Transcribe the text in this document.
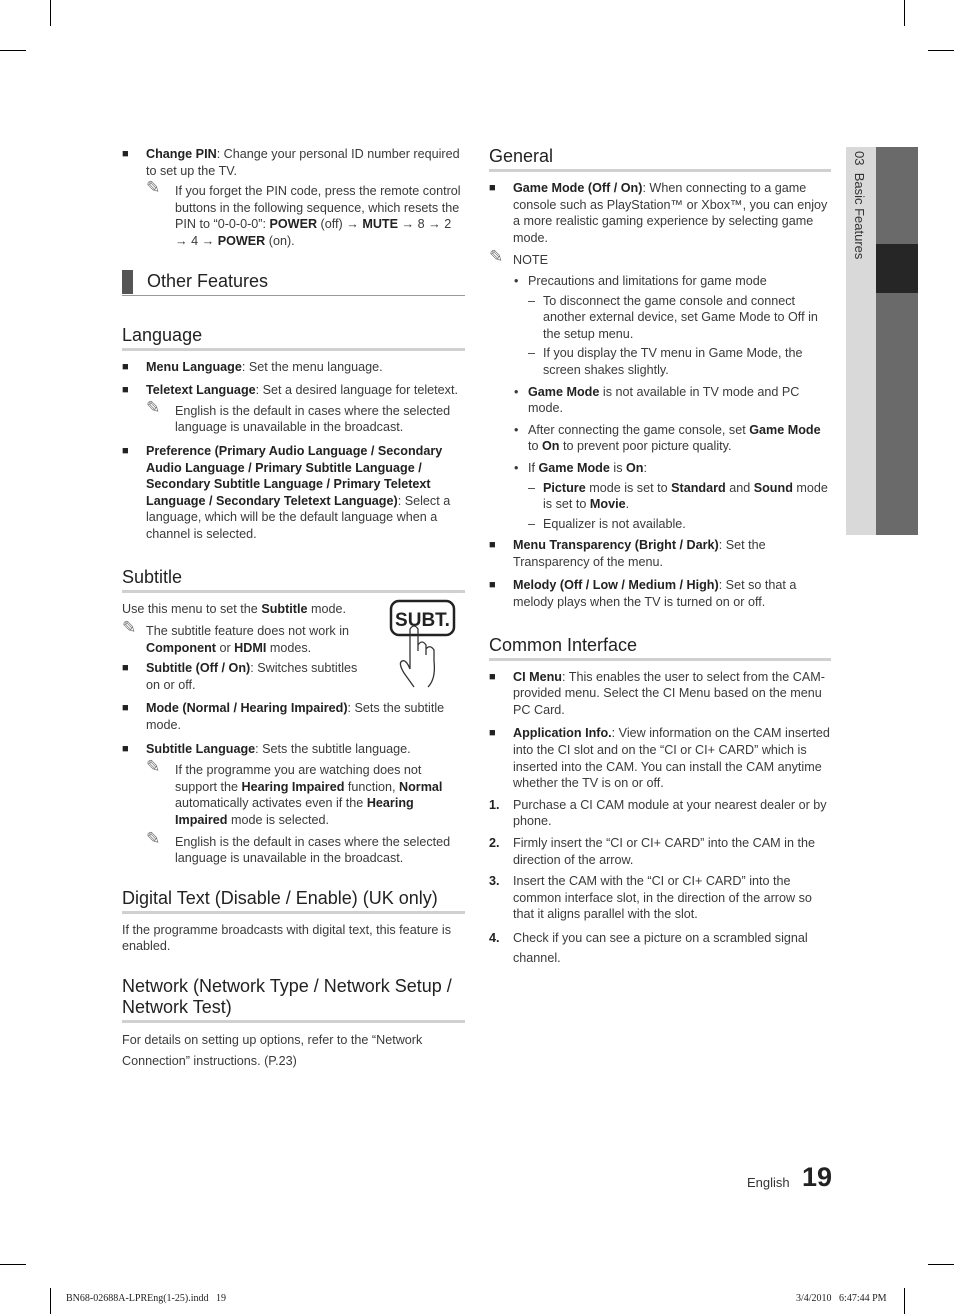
03  Basic Features
■ Change PIN: Change your personal ID number required to set up the TV.
✎ If you forget the PIN code, press the remote control buttons in the following sequence, which resets the PIN to “0-0-0-0”: POWER (off) → MUTE → 8 → 2 → 4 → POWER (on).
Other Features
Language
■ Menu Language: Set the menu language.
■ Teletext Language: Set a desired language for teletext.
✎ English is the default in cases where the selected language is unavailable in the broadcast.
■ Preference (Primary Audio Language / Secondary Audio Language / Primary Subtitle Language / Secondary Subtitle Language / Primary Teletext Language / Secondary Teletext Language): Select a language, which will be the default language when a channel is selected.
Subtitle
SUBT.
Use this menu to set the Subtitle mode.
✎ The subtitle feature does not work in Component or HDMI modes.
■ Subtitle (Off / On): Switches subtitles on or off.
■ Mode (Normal / Hearing Impaired): Sets the subtitle mode.
■ Subtitle Language: Sets the subtitle language.
✎ If the programme you are watching does not support the Hearing Impaired function, Normal automatically activates even if the Hearing Impaired mode is selected.
✎ English is the default in cases where the selected language is unavailable in the broadcast.
Digital Text (Disable / Enable) (UK only)
If the programme broadcasts with digital text, this feature is enabled.
Network (Network Type / Network Setup / Network Test)
For details on setting up options, refer to the “Network Connection” instructions. (P.23)
General
■ Game Mode (Off / On): When connecting to a game console such as PlayStation™ or Xbox™, you can enjoy a more realistic gaming experience by selecting game mode.
✎ NOTE
• Precautions and limitations for game mode
– To disconnect the game console and connect another external device, set Game Mode to Off in the setup menu.
– If you display the TV menu in Game Mode, the screen shakes slightly.
• Game Mode is not available in TV mode and PC mode.
• After connecting the game console, set Game Mode to On to prevent poor picture quality.
• If Game Mode is On:
– Picture mode is set to Standard and Sound mode is set to Movie.
– Equalizer is not available.
■ Menu Transparency (Bright / Dark): Set the Transparency of the menu.
■ Melody (Off / Low / Medium / High): Set so that a melody plays when the TV is turned on or off.
Common Interface
■ CI Menu: This enables the user to select from the CAM-provided menu. Select the CI Menu based on the menu PC Card.
■ Application Info.: View information on the CAM inserted into the CI slot and on the “CI or CI+ CARD” which is inserted into the CAM. You can install the CAM anytime whether the TV is on or off.
1. Purchase a CI CAM module at your nearest dealer or by phone.
2. Firmly insert the “CI or CI+ CARD” into the CAM in the direction of the arrow.
3. Insert the CAM with the “CI or CI+ CARD” into the common interface slot, in the direction of the arrow so that it aligns parallel with the slot.
4. Check if you can see a picture on a scrambled signal channel.
English 19
BN68-02688A-LPREng(1-25).indd   19	3/4/2010   6:47:44 PM
